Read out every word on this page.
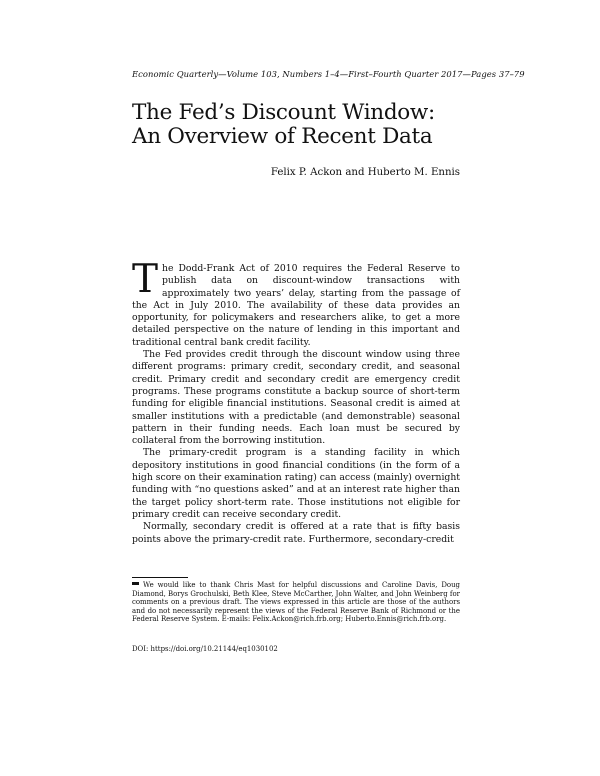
Economic Quarterly—Volume 103, Numbers 1–4—First–Fourth Quarter 2017—Pages 37–79
The Fed’s Discount Window:
An Overview of Recent Data
Felix P. Ackon and Huberto M. Ennis

The Dodd-Frank Act of 2010 requires the Federal Reserve to publish data on discount-window transactions with approximately two years’ delay, starting from the passage of the Act in July 2010. The availability of these data provides an opportunity, for policymakers and researchers alike, to get a more detailed perspective on the nature of lending in this important and traditional central bank credit facility.

The Fed provides credit through the discount window using three different programs: primary credit, secondary credit, and seasonal credit. Primary credit and secondary credit are emergency credit programs. These programs constitute a backup source of short-term funding for eligible financial institutions. Seasonal credit is aimed at smaller institutions with a predictable (and demonstrable) seasonal pattern in their funding needs. Each loan must be secured by collateral from the borrowing institution.

The primary-credit program is a standing facility in which depository institutions in good financial conditions (in the form of a high score on their examination rating) can access (mainly) overnight funding with “no questions asked” and at an interest rate higher than the target policy short-term rate. Those institutions not eligible for primary credit can receive secondary credit.

Normally, secondary credit is offered at a rate that is fifty basis points above the primary-credit rate. Furthermore, secondary-credit

We would like to thank Chris Mast for helpful discussions and Caroline Davis, Doug Diamond, Borys Grochulski, Beth Klee, Steve McCarther, John Walter, and John Weinberg for comments on a previous draft. The views expressed in this article are those of the authors and do not necessarily represent the views of the Federal Reserve Bank of Richmond or the Federal Reserve System. E-mails: Felix.Ackon@rich.frb.org; Huberto.Ennis@rich.frb.org.
DOI: https://doi.org/10.21144/eq1030102
